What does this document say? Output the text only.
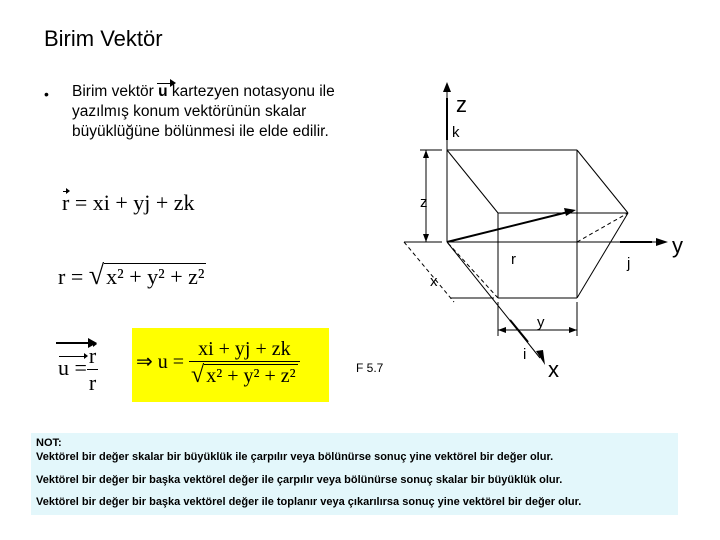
Birim Vektör
• Birim vektör u kartezyen notasyonu ile yazılmış konum vektörünün skalar büyüklüğüne bölünmesi ile elde edilir.
r = xi + yj + zk
r = √x² + y² + z²
$u = \frac{r}{r}$ ⇒ $u = \frac{xi + yj + zk}{\text{√ x² + y² + z²}}$	F 5.7
z
k
y
j
x
i
z
x
y
r
NOT:
Vektörel bir değer skalar bir büyüklük ile çarpılır veya bölünürse sonuç yine vektörel bir değer olur.
Vektörel bir değer bir başka vektörel değer ile çarpılır veya bölünürse sonuç skalar bir büyüklük olur.
Vektörel bir değer bir başka vektörel değer ile toplanır veya çıkarılırsa sonuç yine vektörel bir değer olur.
